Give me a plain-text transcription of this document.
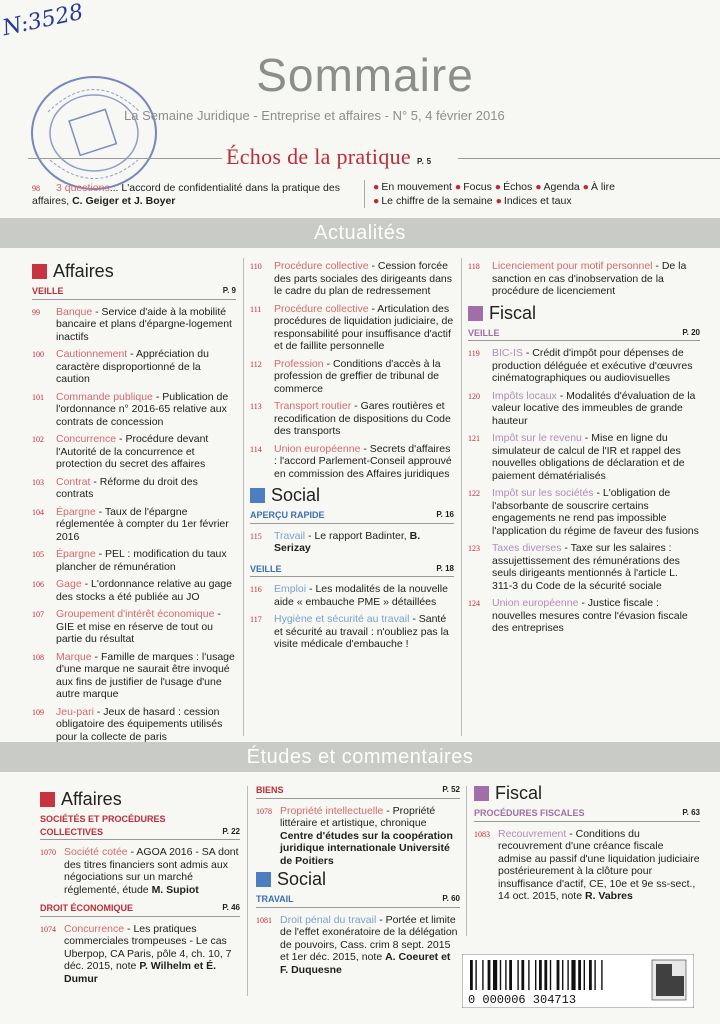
N:3528
Sommaire
La Semaine Juridique - Entreprise et affaires - N° 5, 4 février 2016
Échos de la pratique P. 5
98 3 questions... L'accord de confidentialité dans la pratique des affaires, C. Geiger et J. Boyer
● En mouvement ● Focus ● Échos ● Agenda ● À lire
● Le chiffre de la semaine ● Indices et taux
Actualités
Affaires
VEILLE	P. 9
99	Banque - Service d'aide à la mobilité bancaire et plans d'épargne-logement inactifs
100	Cautionnement - Appréciation du caractère disproportionné de la caution
101	Commande publique - Publication de l'ordonnance n° 2016-65 relative aux contrats de concession
102	Concurrence - Procédure devant l'Autorité de la concurrence et protection du secret des affaires
103	Contrat - Réforme du droit des contrats
104	Épargne - Taux de l'épargne réglementée à compter du 1er février 2016
105	Épargne - PEL : modification du taux plancher de rémunération
106	Gage - L'ordonnance relative au gage des stocks a été publiée au JO
107	Groupement d'intérêt économique - GIE et mise en réserve de tout ou partie du résultat
108	Marque - Famille de marques : l'usage d'une marque ne saurait être invoqué aux fins de justifier de l'usage d'une autre marque
109	Jeu-pari - Jeux de hasard : cession obligatoire des équipements utilisés pour la collecte de paris
110	Procédure collective - Cession forcée des parts sociales des dirigeants dans le cadre du plan de redressement
111	Procédure collective - Articulation des procédures de liquidation judiciaire, de responsabilité pour insuffisance d'actif et de faillite personnelle
112	Profession - Conditions d'accès à la profession de greffier de tribunal de commerce
113	Transport routier - Gares routières et recodification de dispositions du Code des transports
114	Union européenne - Secrets d'affaires : l'accord Parlement-Conseil approuvé en commission des Affaires juridiques
Social
APERÇU RAPIDE	P. 16
115	Travail - Le rapport Badinter, B. Serizay
VEILLE	P. 18
116	Emploi - Les modalités de la nouvelle aide « embauche PME » détaillées
117	Hygiène et sécurité au travail - Santé et sécurité au travail : n'oubliez pas la visite médicale d'embauche !
118	Licenciement pour motif personnel - De la sanction en cas d'inobservation de la procédure de licenciement
Fiscal
VEILLE	P. 20
119	BIC-IS - Crédit d'impôt pour dépenses de production déléguée et exécutive d'œuvres cinématographiques ou audiovisuelles
120	Impôts locaux - Modalités d'évaluation de la valeur locative des immeubles de grande hauteur
121	Impôt sur le revenu - Mise en ligne du simulateur de calcul de l'IR et rappel des nouvelles obligations de déclaration et de paiement dématérialisés
122	Impôt sur les sociétés - L'obligation de l'absorbante de souscrire certains engagements ne rend pas impossible l'application du régime de faveur des fusions
123	Taxes diverses - Taxe sur les salaires : assujettissement des rémunérations des seuls dirigeants mentionnés à l'article L. 311-3 du Code de la sécurité sociale
124	Union européenne - Justice fiscale : nouvelles mesures contre l'évasion fiscale des entreprises
Études et commentaires
Affaires
SOCIÉTÉS ET PROCÉDURES COLLECTIVES	P. 22
1070 Société cotée - AGOA 2016 - SA dont des titres financiers sont admis aux négociations sur un marché réglementé, étude M. Supiot
DROIT ÉCONOMIQUE	P. 46
1074 Concurrence - Les pratiques commerciales trompeuses - Le cas Uberpop, CA Paris, pôle 4, ch. 10, 7 déc. 2015, note P. Wilhelm et É. Dumur
BIENS	P. 52
1078 Propriété intellectuelle - Propriété littéraire et artistique, chronique Centre d'études sur la coopération juridique internationale Université de Poitiers
Social
TRAVAIL	P. 60
1081 Droit pénal du travail - Portée et limite de l'effet exonératoire de la délégation de pouvoirs, Cass. crim 8 sept. 2015 et 1er déc. 2015, note A. Coeuret et F. Duquesne
Fiscal
PROCÉDURES FISCALES	P. 63
1083 Recouvrement - Conditions du recouvrement d'une créance fiscale admise au passif d'une liquidation judiciaire postérieurement à la clôture pour insuffisance d'actif, CE, 10e et 9e ss-sect., 14 oct. 2015, note R. Vabres
0 000006 304713
